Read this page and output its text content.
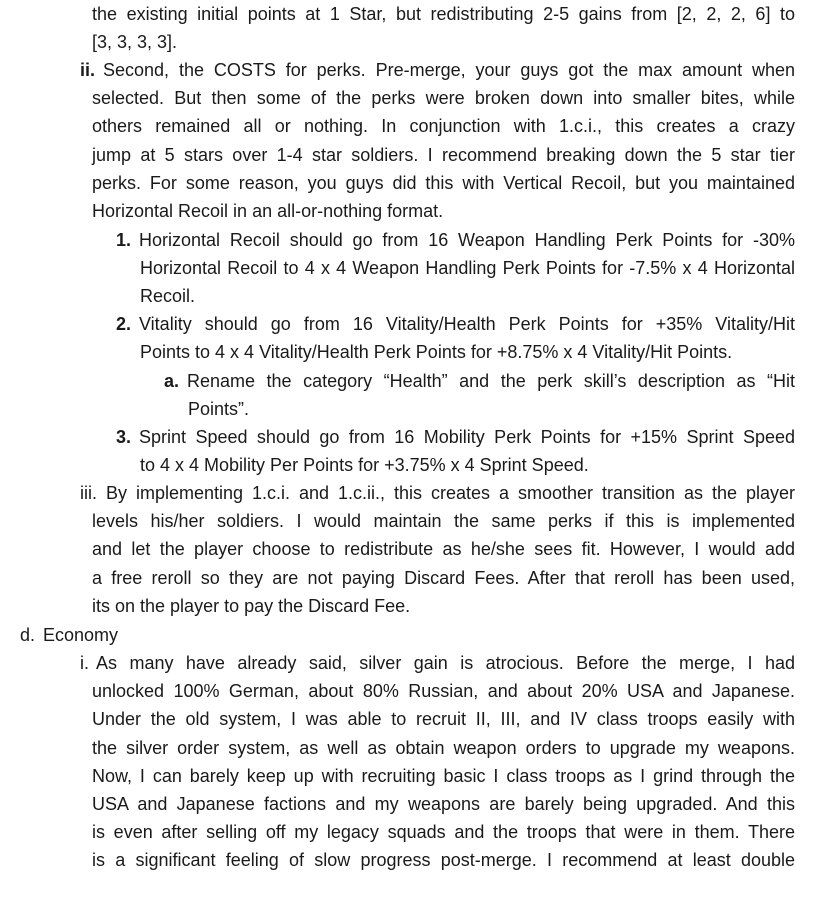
the existing initial points at 1 Star, but redistributing 2-5 gains from [2, 2, 2, 6] to
[3, 3, 3, 3].
ii. Second, the COSTS for perks. Pre-merge, your guys got the max amount when
selected. But then some of the perks were broken down into smaller bites, while
others remained all or nothing. In conjunction with 1.c.i., this creates a crazy
jump at 5 stars over 1-4 star soldiers. I recommend breaking down the 5 star tier
perks. For some reason, you guys did this with Vertical Recoil, but you maintained
Horizontal Recoil in an all-or-nothing format.
1. Horizontal Recoil should go from 16 Weapon Handling Perk Points for -30%
Horizontal Recoil to 4 x 4 Weapon Handling Perk Points for -7.5% x 4 Horizontal
Recoil.
2. Vitality should go from 16 Vitality/Health Perk Points for +35% Vitality/Hit
Points to 4 x 4 Vitality/Health Perk Points for +8.75% x 4 Vitality/Hit Points.
a. Rename the category “Health” and the perk skill’s description as “Hit
Points”.
3. Sprint Speed should go from 16 Mobility Perk Points for +15% Sprint Speed
to 4 x 4 Mobility Per Points for +3.75% x 4 Sprint Speed.
iii. By implementing 1.c.i. and 1.c.ii., this creates a smoother transition as the player
levels his/her soldiers. I would maintain the same perks if this is implemented
and let the player choose to redistribute as he/she sees fit. However, I would add
a free reroll so they are not paying Discard Fees. After that reroll has been used,
its on the player to pay the Discard Fee.
d. Economy
i. As many have already said, silver gain is atrocious. Before the merge, I had
unlocked 100% German, about 80% Russian, and about 20% USA and Japanese.
Under the old system, I was able to recruit II, III, and IV class troops easily with
the silver order system, as well as obtain weapon orders to upgrade my weapons.
Now, I can barely keep up with recruiting basic I class troops as I grind through the
USA and Japanese factions and my weapons are barely being upgraded. And this
is even after selling off my legacy squads and the troops that were in them. There
is a significant feeling of slow progress post-merge. I recommend at least double
